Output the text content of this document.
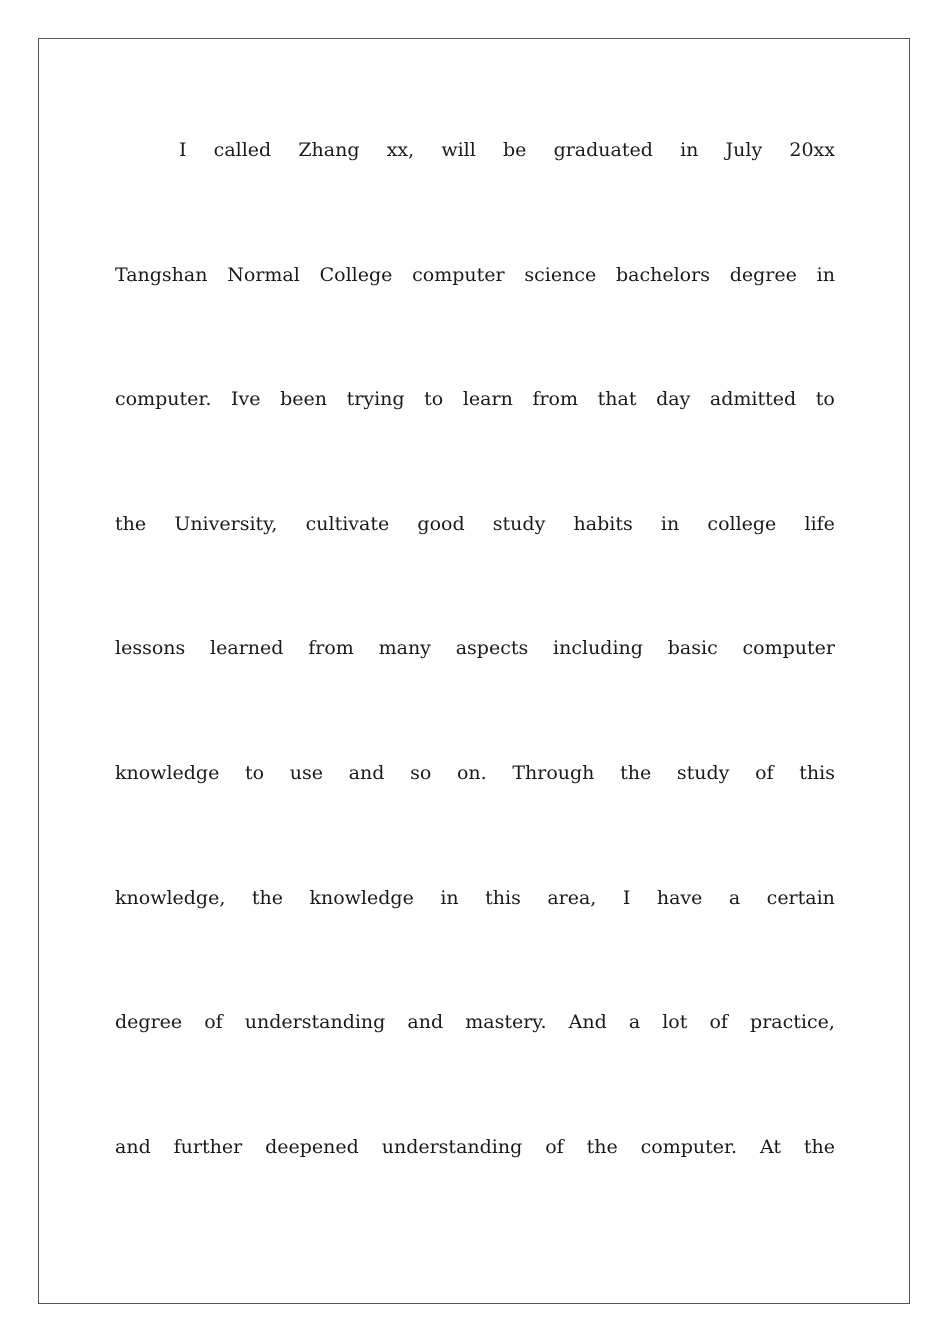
I called Zhang xx, will be graduated in July 20xx
Tangshan Normal College computer science bachelors degree in
computer. Ive been trying to learn from that day admitted to
the University, cultivate good study habits in college life
lessons learned from many aspects including basic computer
knowledge to use and so on. Through the study of this
knowledge, the knowledge in this area, I have a certain
degree of understanding and mastery. And a lot of practice,
and further deepened understanding of the computer. At the
